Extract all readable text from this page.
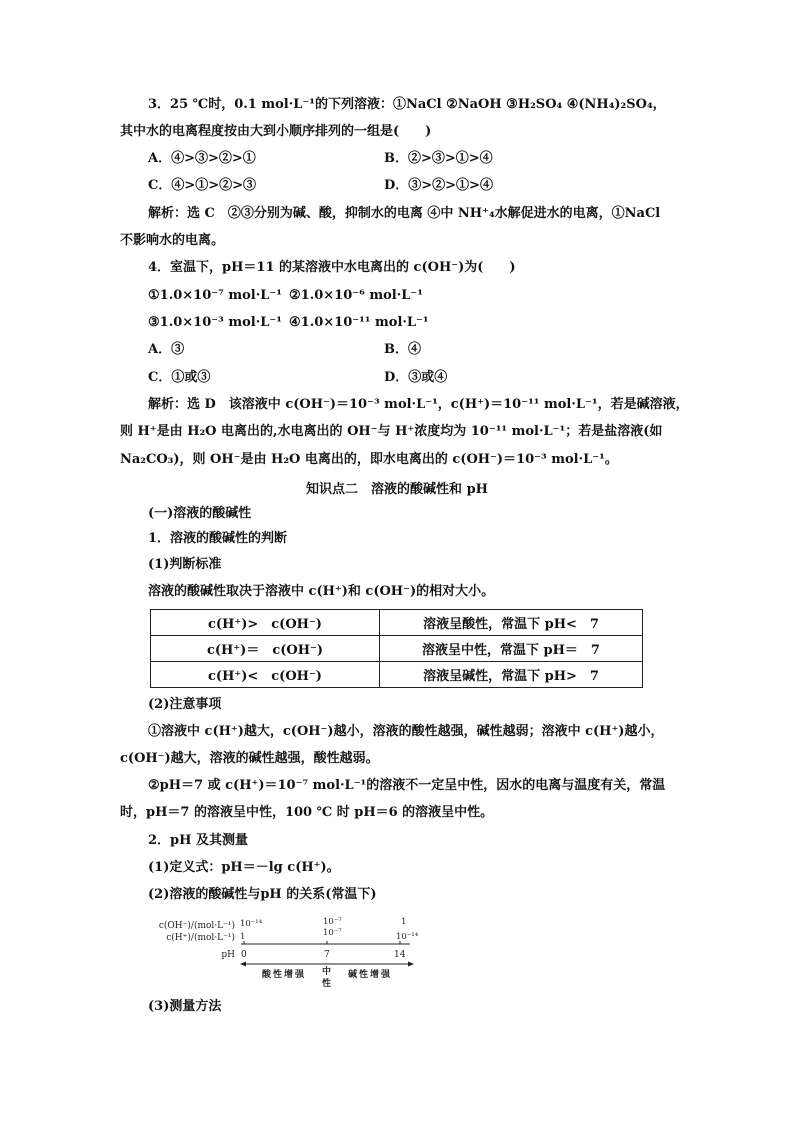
3．25 ℃时，0.1 mol·L⁻¹的下列溶液：①NaCl ②NaOH ③H₂SO₄ ④(NH₄)₂SO₄，
其中水的电离程度按由大到小顺序排列的一组是(　　)
A．④>③>②>①	B．②>③>①>④
C．④>①>②>③	D．③>②>①>④
解析：选 C　②③分别为碱、酸，抑制水的电离 ④中 NH⁺₄水解促进水的电离，①NaCl
不影响水的电离。
4．室温下，pH＝11 的某溶液中水电离出的 c(OH⁻)为(　　)
①1.0×10⁻⁷ mol·L⁻¹ ②1.0×10⁻⁶ mol·L⁻¹
③1.0×10⁻³ mol·L⁻¹ ④1.0×10⁻¹¹ mol·L⁻¹
A．③	B．④
C．①或③	D．③或④
解析：选 D　该溶液中 c(OH⁻)＝10⁻³ mol·L⁻¹，c(H⁺)＝10⁻¹¹ mol·L⁻¹，若是碱溶液，
则 H⁺是由 H₂O 电离出的,水电离出的 OH⁻与 H⁺浓度均为 10⁻¹¹ mol·L⁻¹；若是盐溶液(如
Na₂CO₃)，则 OH⁻是由 H₂O 电离出的，即水电离出的 c(OH⁻)＝10⁻³ mol·L⁻¹。
知识点二　溶液的酸碱性和 pH
(一)溶液的酸碱性
1．溶液的酸碱性的判断
(1)判断标准
溶液的酸碱性取决于溶液中 c(H⁺)和 c(OH⁻)的相对大小。
c(H⁺)>　c(OH⁻)	溶液呈酸性，常温下 pH<　7
c(H⁺)＝　c(OH⁻)	溶液呈中性，常温下 pH＝　7
c(H⁺)<　c(OH⁻)	溶液呈碱性，常温下 pH>　7
(2)注意事项
①溶液中 c(H⁺)越大，c(OH⁻)越小，溶液的酸性越强，碱性越弱；溶液中 c(H⁺)越小，
c(OH⁻)越大，溶液的碱性越强，酸性越弱。
②pH＝7 或 c(H⁺)＝10⁻⁷ mol·L⁻¹的溶液不一定呈中性，因水的电离与温度有关，常温
时，pH＝7 的溶液呈中性，100 ℃ 时 pH＝6 的溶液呈中性。
2．pH 及其测量
(1)定义式：pH＝－lg c(H⁺)。
(2)溶液的酸碱性与pH 的关系(常温下)
c(OH⁻)/(mol·L⁻¹)
c(H⁺)/(mol·L⁻¹)
pH
10⁻¹⁴	10⁻⁷	1
1	10⁻⁷	10⁻¹⁴
0	7	14
酸性增强 中
性
碱性增强
(3)测量方法
